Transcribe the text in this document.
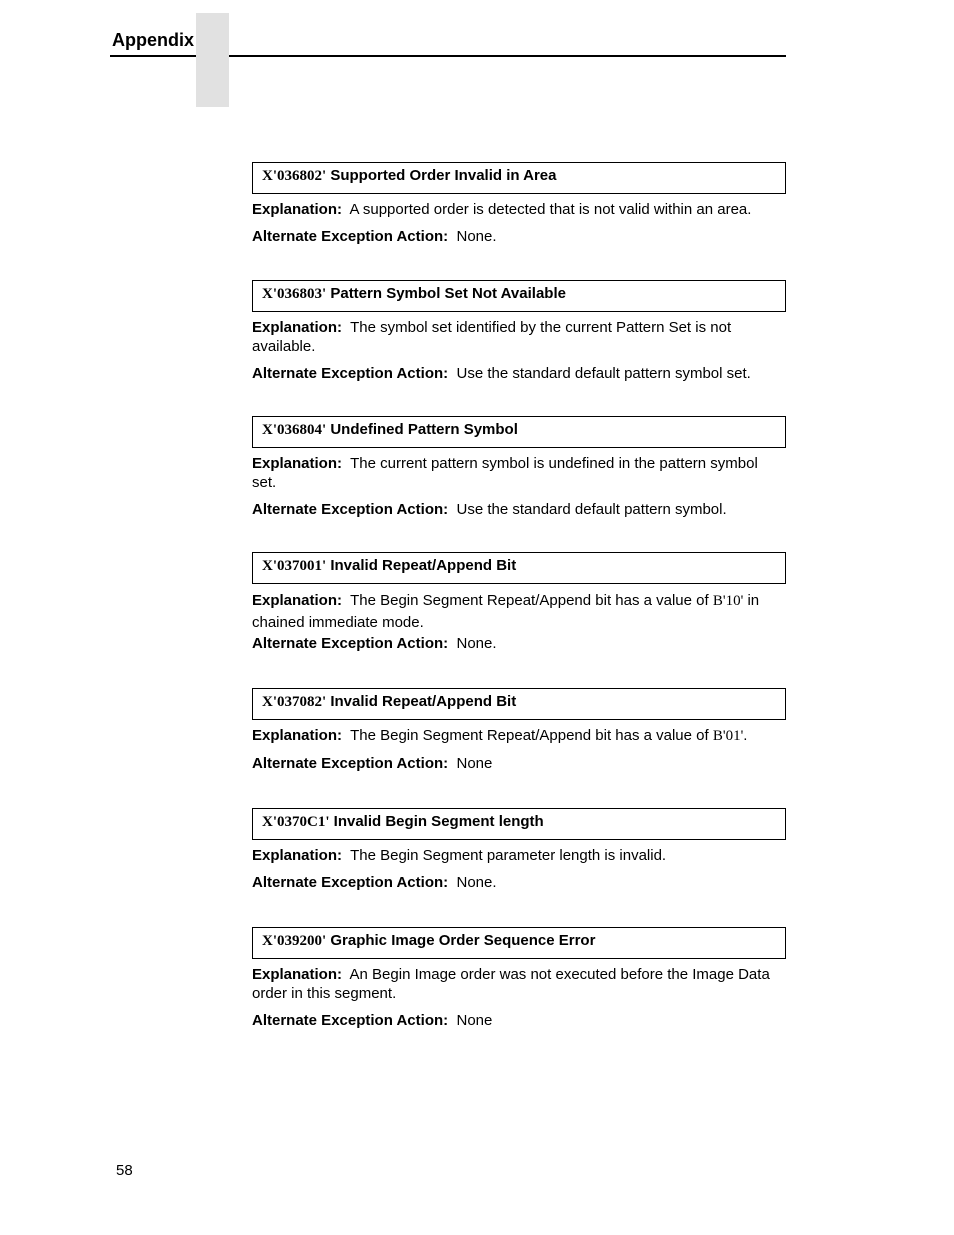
Appendix
X'036802' Supported Order Invalid in Area

Explanation: A supported order is detected that is not valid within an area.

Alternate Exception Action: None.

X'036803' Pattern Symbol Set Not Available

Explanation: The symbol set identified by the current Pattern Set is not available.

Alternate Exception Action: Use the standard default pattern symbol set.

X'036804' Undefined Pattern Symbol

Explanation: The current pattern symbol is undefined in the pattern symbol set.

Alternate Exception Action: Use the standard default pattern symbol.

X'037001' Invalid Repeat/Append Bit

Explanation: The Begin Segment Repeat/Append bit has a value of B'10' in chained immediate mode.

Alternate Exception Action: None.

X'037082' Invalid Repeat/Append Bit

Explanation: The Begin Segment Repeat/Append bit has a value of B'01'.

Alternate Exception Action: None

X'0370C1' Invalid Begin Segment length

Explanation: The Begin Segment parameter length is invalid.

Alternate Exception Action: None.

X'039200' Graphic Image Order Sequence Error

Explanation: An Begin Image order was not executed before the Image Data order in this segment.

Alternate Exception Action: None

58
